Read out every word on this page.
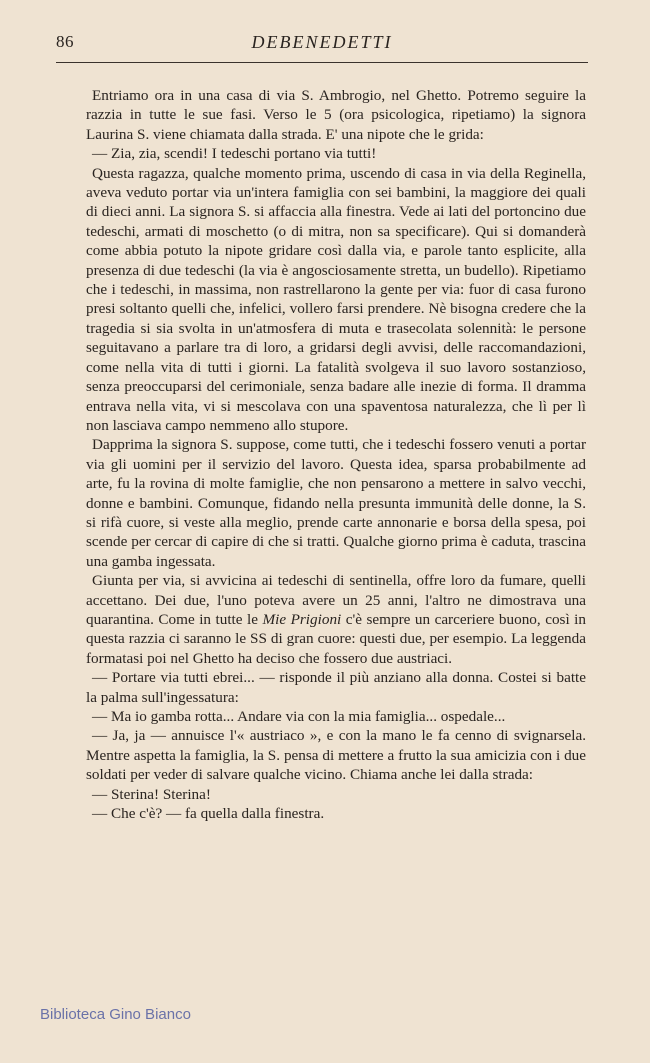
86	DEBENEDETTI

Entriamo ora in una casa di via S. Ambrogio, nel Ghetto. Potremo seguire la razzia in tutte le sue fasi. Verso le 5 (ora psicologica, ripetiamo) la signora Laurina S. viene chiamata dalla strada. E' una nipote che le grida:

— Zia, zia, scendi! I tedeschi portano via tutti!

Questa ragazza, qualche momento prima, uscendo di casa in via della Reginella, aveva veduto portar via un'intera famiglia con sei bambini, la maggiore dei quali di dieci anni. La signora S. si affaccia alla finestra. Vede ai lati del portoncino due tedeschi, armati di moschetto (o di mitra, non sa specificare). Qui si domanderà come abbia potuto la nipote gridare così dalla via, e parole tanto esplicite, alla presenza di due tedeschi (la via è angosciosamente stretta, un budello). Ripetiamo che i tedeschi, in massima, non rastrellarono la gente per via: fuor di casa furono presi soltanto quelli che, infelici, vollero farsi prendere. Nè bisogna credere che la tragedia si sia svolta in un'atmosfera di muta e trasecolata solennità: le persone seguitavano a parlare tra di loro, a gridarsi degli avvisi, delle raccomandazioni, come nella vita di tutti i giorni. La fatalità svolgeva il suo lavoro sostanzioso, senza preoccuparsi del cerimoniale, senza badare alle inezie di forma. Il dramma entrava nella vita, vi si mescolava con una spaventosa naturalezza, che lì per lì non lasciava campo nemmeno allo stupore.

Dapprima la signora S. suppose, come tutti, che i tedeschi fossero venuti a portar via gli uomini per il servizio del lavoro. Questa idea, sparsa probabilmente ad arte, fu la rovina di molte famiglie, che non pensarono a mettere in salvo vecchi, donne e bambini. Comunque, fidando nella presunta immunità delle donne, la S. si rifà cuore, si veste alla meglio, prende carte annonarie e borsa della spesa, poi scende per cercar di capire di che si tratti. Qualche giorno prima è caduta, trascina una gamba ingessata.

Giunta per via, si avvicina ai tedeschi di sentinella, offre loro da fumare, quelli accettano. Dei due, l'uno poteva avere un 25 anni, l'altro ne dimostrava una quarantina. Come in tutte le Mie Prigioni c'è sempre un carceriere buono, così in questa razzia ci saranno le SS di gran cuore: questi due, per esempio. La leggenda formatasi poi nel Ghetto ha deciso che fossero due austriaci.

— Portare via tutti ebrei... — risponde il più anziano alla donna. Costei si batte la palma sull'ingessatura:

— Ma io gamba rotta... Andare via con la mia famiglia... ospedale...

— Ja, ja — annuisce l'« austriaco », e con la mano le fa cenno di svignarsela. Mentre aspetta la famiglia, la S. pensa di mettere a frutto la sua amicizia con i due soldati per veder di salvare qualche vicino. Chiama anche lei dalla strada:

— Sterina! Sterina!

— Che c'è? — fa quella dalla finestra.

Biblioteca Gino Bianco
